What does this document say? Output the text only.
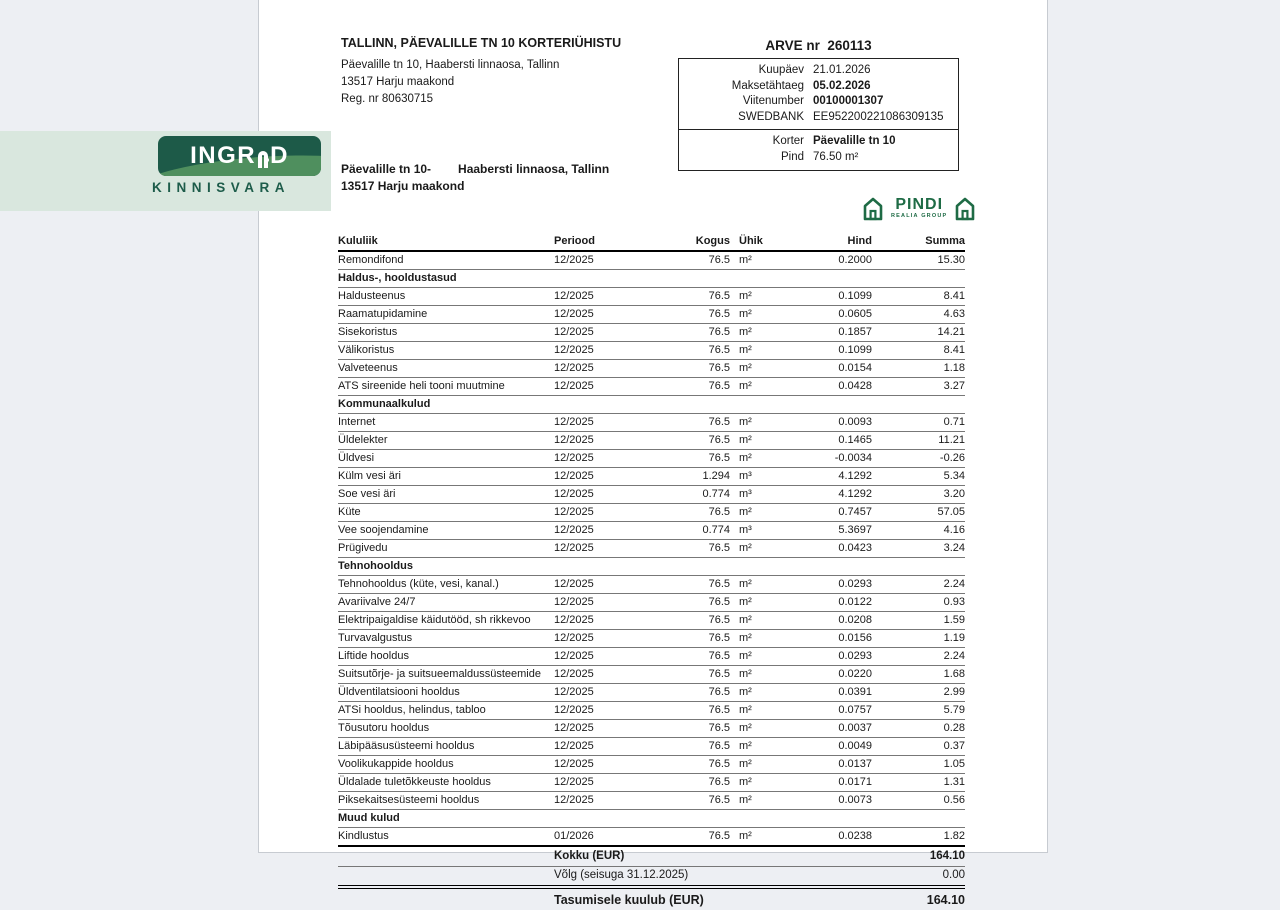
TALLINN, PÄEVALILLE TN 10 KORTERIÜHISTU
Päevalille tn 10, Haabersti linnaosa, Tallinn
13517 Harju maakond
Reg. nr 80630715
ARVE nr 260113
Kuupäev 21.01.2026
Maksetähtaeg 05.02.2026
Viitenumber 00100001307
SWEDBANK EE952200221086309135
Korter Päevalille tn 10
Pind 76.50 m²
Päevalille tn 10- Haabersti linnaosa, Tallinn
13517 Harju maakond
PINDI
REALIA GROUP
Kululiik	Periood	Kogus Ühik	Hind	Summa
Remondifond	12/2025	76.5 m²	0.2000	15.30
Haldus-, hooldustasud
Haldusteenus	12/2025	76.5 m²	0.1099	8.41
Raamatupidamine	12/2025	76.5 m²	0.0605	4.63
Sisekoristus	12/2025	76.5 m²	0.1857	14.21
Välikoristus	12/2025	76.5 m²	0.1099	8.41
Valveteenus	12/2025	76.5 m²	0.0154	1.18
ATS sireenide heli tooni muutmine	12/2025	76.5 m²	0.0428	3.27
Kommunaalkulud
Internet	12/2025	76.5 m²	0.0093	0.71
Üldelekter	12/2025	76.5 m²	0.1465	11.21
Üldvesi	12/2025	76.5 m²	-0.0034	-0.26
Külm vesi äri	12/2025	1.294 m³	4.1292	5.34
Soe vesi äri	12/2025	0.774 m³	4.1292	3.20
Küte	12/2025	76.5 m²	0.7457	57.05
Vee soojendamine	12/2025	0.774 m³	5.3697	4.16
Prügivedu	12/2025	76.5 m²	0.0423	3.24
Tehnohooldus
Tehnohooldus (küte, vesi, kanal.)	12/2025	76.5 m²	0.0293	2.24
Avariivalve 24/7	12/2025	76.5 m²	0.0122	0.93
Elektripaigaldise käidutööd, sh rikkevoo	12/2025	76.5 m²	0.0208	1.59
Turvavalgustus	12/2025	76.5 m²	0.0156	1.19
Liftide hooldus	12/2025	76.5 m²	0.0293	2.24
Suitsutõrje- ja suitsueemaldussüsteemide	12/2025	76.5 m²	0.0220	1.68
Üldventilatsiooni hooldus	12/2025	76.5 m²	0.0391	2.99
ATSi hooldus, helindus, tabloo	12/2025	76.5 m²	0.0757	5.79
Tõusutoru hooldus	12/2025	76.5 m²	0.0037	0.28
Läbipääsusüsteemi hooldus	12/2025	76.5 m²	0.0049	0.37
Voolikukappide hooldus	12/2025	76.5 m²	0.0137	1.05
Üldalade tuletõkkeuste hooldus	12/2025	76.5 m²	0.0171	1.31
Piksekaitsesüsteemi hooldus	12/2025	76.5 m²	0.0073	0.56
Muud kulud
Kindlustus	01/2026	76.5 m²	0.0238	1.82
Kokku (EUR)	164.10
Võlg (seisuga 31.12.2025)	0.00
Tasumisele kuulub (EUR)	164.10
INGR D
KINNISVARA
